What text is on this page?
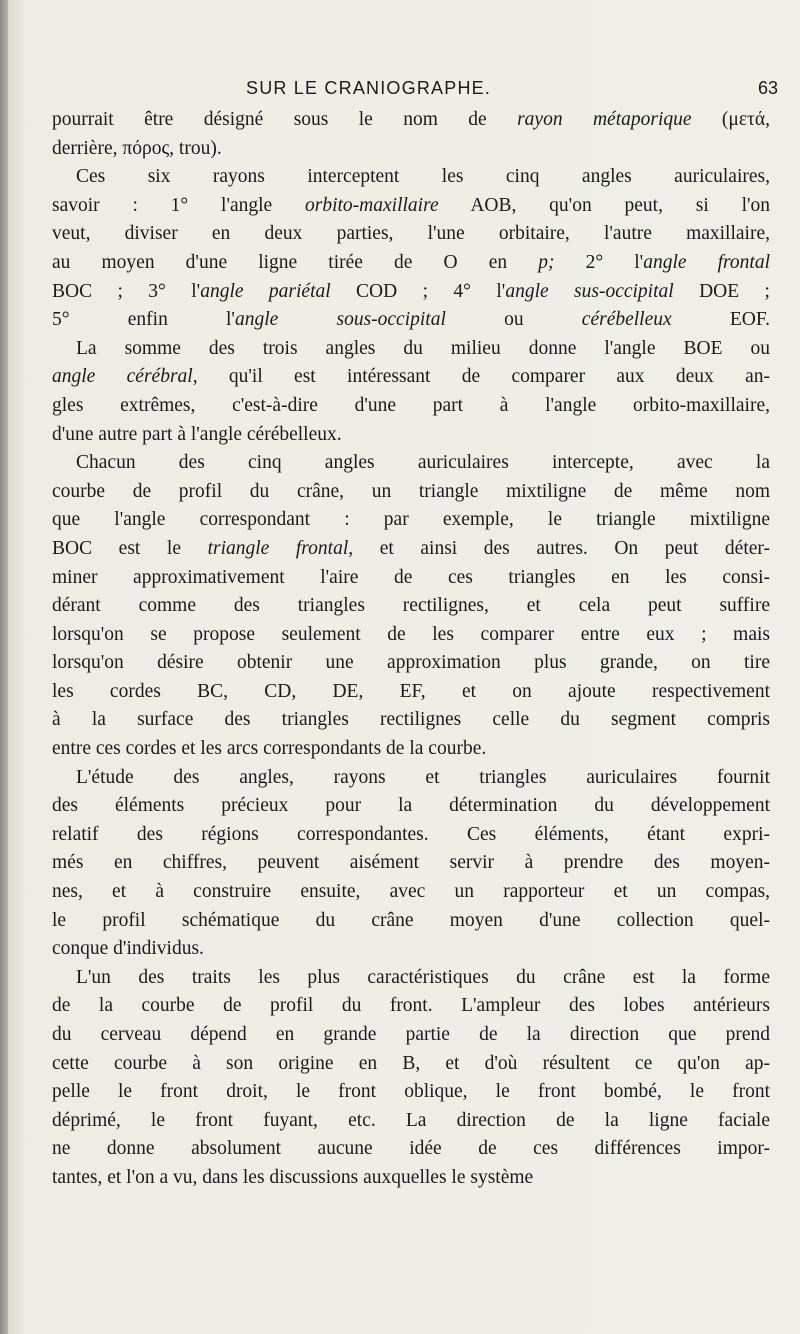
SUR LE CRANIOGRAPHE.	63
pourrait être désigné sous le nom de rayon métaporique (μετά,
derrière, πόρος, trou).
Ces six rayons interceptent les cinq angles auriculaires,
savoir : 1° l'angle orbito-maxillaire AOB, qu'on peut, si l'on
veut, diviser en deux parties, l'une orbitaire, l'autre maxillaire,
au moyen d'une ligne tirée de O en p; 2° l'angle frontal
BOC ; 3° l'angle pariétal COD ; 4° l'angle sus-occipital DOE ;
5° enfin l'angle sous-occipital ou cérébelleux EOF.
La somme des trois angles du milieu donne l'angle BOE ou
angle cérébral, qu'il est intéressant de comparer aux deux an-
gles extrêmes, c'est-à-dire d'une part à l'angle orbito-maxillaire,
d'une autre part à l'angle cérébelleux.
Chacun des cinq angles auriculaires intercepte, avec la
courbe de profil du crâne, un triangle mixtiligne de même nom
que l'angle correspondant : par exemple, le triangle mixtiligne
BOC est le triangle frontal, et ainsi des autres. On peut déter-
miner approximativement l'aire de ces triangles en les consi-
dérant comme des triangles rectilignes, et cela peut suffire
lorsqu'on se propose seulement de les comparer entre eux ; mais
lorsqu'on désire obtenir une approximation plus grande, on tire
les cordes BC, CD, DE, EF, et on ajoute respectivement
à la surface des triangles rectilignes celle du segment compris
entre ces cordes et les arcs correspondants de la courbe.
L'étude des angles, rayons et triangles auriculaires fournit
des éléments précieux pour la détermination du développement
relatif des régions correspondantes. Ces éléments, étant expri-
més en chiffres, peuvent aisément servir à prendre des moyen-
nes, et à construire ensuite, avec un rapporteur et un compas,
le profil schématique du crâne moyen d'une collection quel-
conque d'individus.
L'un des traits les plus caractéristiques du crâne est la forme
de la courbe de profil du front. L'ampleur des lobes antérieurs
du cerveau dépend en grande partie de la direction que prend
cette courbe à son origine en B, et d'où résultent ce qu'on ap-
pelle le front droit, le front oblique, le front bombé, le front
déprimé, le front fuyant, etc. La direction de la ligne faciale
ne donne absolument aucune idée de ces différences impor-
tantes, et l'on a vu, dans les discussions auxquelles le système
